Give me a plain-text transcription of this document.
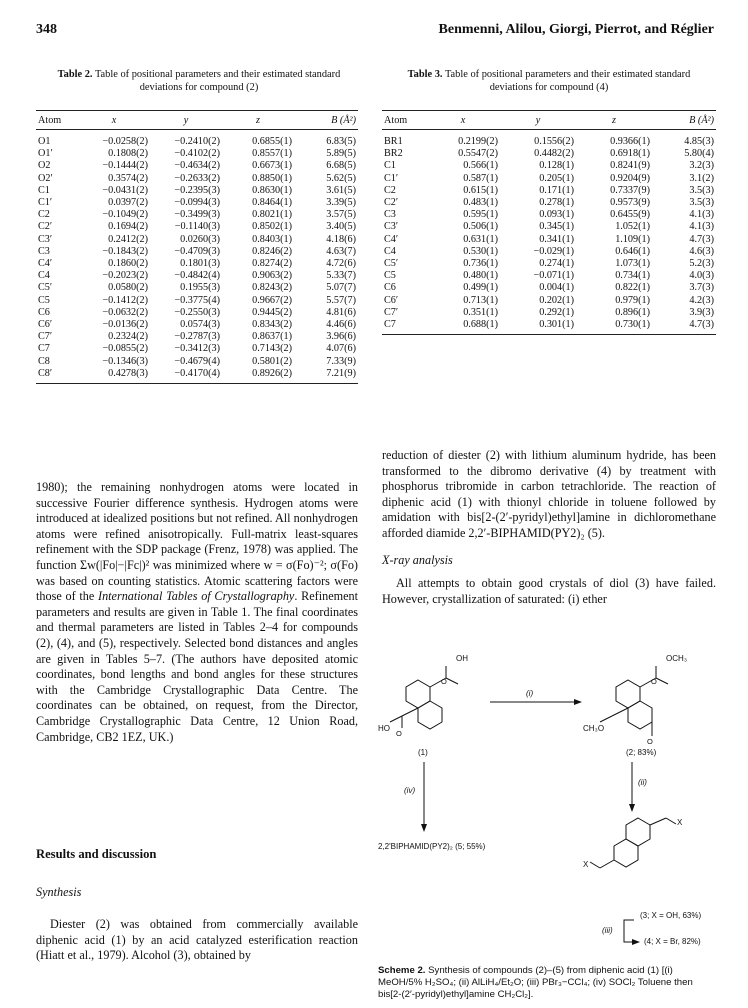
348	Benmenni, Alilou, Giorgi, Pierrot, and Réglier
Table 2. Table of positional parameters and their estimated standard deviations for compound (2)
Atom	x	y	z	B (Å²)
O1	−0.0258(2)	−0.2410(2)	0.6855(1)	6.83(5)
O1′	0.1808(2)	−0.4102(2)	0.8557(1)	5.89(5)
O2	−0.1444(2)	−0.4634(2)	0.6673(1)	6.68(5)
O2′	0.3574(2)	−0.2633(2)	0.8850(1)	5.62(5)
C1	−0.0431(2)	−0.2395(3)	0.8630(1)	3.61(5)
C1′	0.0397(2)	−0.0994(3)	0.8464(1)	3.39(5)
C2	−0.1049(2)	−0.3499(3)	0.8021(1)	3.57(5)
C2′	0.1694(2)	−0.1140(3)	0.8502(1)	3.40(5)
C3′	0.2412(2)	0.0260(3)	0.8403(1)	4.18(6)
C3	−0.1843(2)	−0.4709(3)	0.8246(2)	4.63(7)
C4′	0.1860(2)	0.1801(3)	0.8274(2)	4.72(6)
C4	−0.2023(2)	−0.4842(4)	0.9063(2)	5.33(7)
C5′	0.0580(2)	0.1955(3)	0.8243(2)	5.07(7)
C5	−0.1412(2)	−0.3775(4)	0.9667(2)	5.57(7)
C6	−0.0632(2)	−0.2550(3)	0.9445(2)	4.81(6)
C6′	−0.0136(2)	0.0574(3)	0.8343(2)	4.46(6)
C7′	0.2324(2)	−0.2787(3)	0.8637(1)	3.96(6)
C7	−0.0855(2)	−0.3412(3)	0.7143(2)	4.07(6)
C8	−0.1346(3)	−0.4679(4)	0.5801(2)	7.33(9)
C8′	0.4278(3)	−0.4170(4)	0.8926(2)	7.21(9)
Table 3. Table of positional parameters and their estimated standard deviations for compound (4)
Atom	x	y	z	B (Å²)
BR1	0.2199(2)	0.1556(2)	0.9366(1)	4.85(3)
BR2	0.5547(2)	0.4482(2)	0.6918(1)	5.80(4)
C1	0.566(1)	0.128(1)	0.8241(9)	3.2(3)
C1′	0.587(1)	0.205(1)	0.9204(9)	3.1(2)
C2	0.615(1)	0.171(1)	0.7337(9)	3.5(3)
C2′	0.483(1)	0.278(1)	0.9573(9)	3.5(3)
C3	0.595(1)	0.093(1)	0.6455(9)	4.1(3)
C3′	0.506(1)	0.345(1)	1.052(1)	4.1(3)
C4′	0.631(1)	0.341(1)	1.109(1)	4.7(3)
C4	0.530(1)	−0.029(1)	0.646(1)	4.6(3)
C5′	0.736(1)	0.274(1)	1.073(1)	5.2(3)
C5	0.480(1)	−0.071(1)	0.734(1)	4.0(3)
C6	0.499(1)	0.004(1)	0.822(1)	3.7(3)
C6′	0.713(1)	0.202(1)	0.979(1)	4.2(3)
C7′	0.351(1)	0.292(1)	0.896(1)	3.9(3)
C7	0.688(1)	0.301(1)	0.730(1)	4.7(3)

1980); the remaining nonhydrogen atoms were located in successive Fourier difference synthesis. Hydrogen atoms were introduced at idealized positions but not refined. All nonhydrogen atoms were refined anisotropically. Full-matrix least-squares refinement with the SDP package (Frenz, 1978) was applied. The function Σw(|Fo|−|Fc|)² was minimized where w = σ(Fo)⁻²; σ(Fo) was based on counting statistics. Atomic scattering factors were those of the International Tables of Crystallography. Refinement parameters and results are given in Table 1. The final coordinates and thermal parameters are listed in Tables 2–4 for compounds (2), (4), and (5), respectively. Selected bond distances and angles are given in Tables 5–7. (The authors have deposited atomic coordinates, bond lengths and bond angles for these structures with the Cambridge Crystallographic Data Centre. The coordinates can be obtained, on request, from the Director, Cambridge Crystallographic Data Centre, 12 Union Road, Cambridge, CB2 1EZ, UK.)

Results and discussion
Synthesis

Diester (2) was obtained from commercially available diphenic acid (1) by an acid catalyzed esterification reaction (Hiatt et al., 1979). Alcohol (3), obtained by

reduction of diester (2) with lithium aluminum hydride, has been transformed to the dibromo derivative (4) by treatment with phosphorus tribromide in carbon tetrachloride. The reaction of diphenic acid (1) with thionyl chloride in toluene followed by amidation with bis[2-(2′-pyridyl)ethyl]amine in dichloromethane afforded diamide 2,2′-BIPHAMID(PY2)₂ (5).

X-ray analysis

All attempts to obtain good crystals of diol (3) have failed. However, crystallization of saturated: (i) ether

OH
O
HO
O
OCH₃
O
CH₃O
O
(i)
(1)	(2; 83%)
(iv)
(ii)
2,2'BIPHAMID(PY2)₂ (5; 55%)
X
X
(iii)
(3; X = OH, 63%)
(4; X = Br, 82%)
Scheme 2. Synthesis of compounds (2)–(5) from diphenic acid (1) [(i) MeOH/5% H₂SO₄; (ii) AlLiH₄/Et₂O; (iii) PBr₃−CCl₄; (iv) SOCl₂ Toluene then bis[2-(2′-pyridyl)ethyl]amine CH₂Cl₂].
